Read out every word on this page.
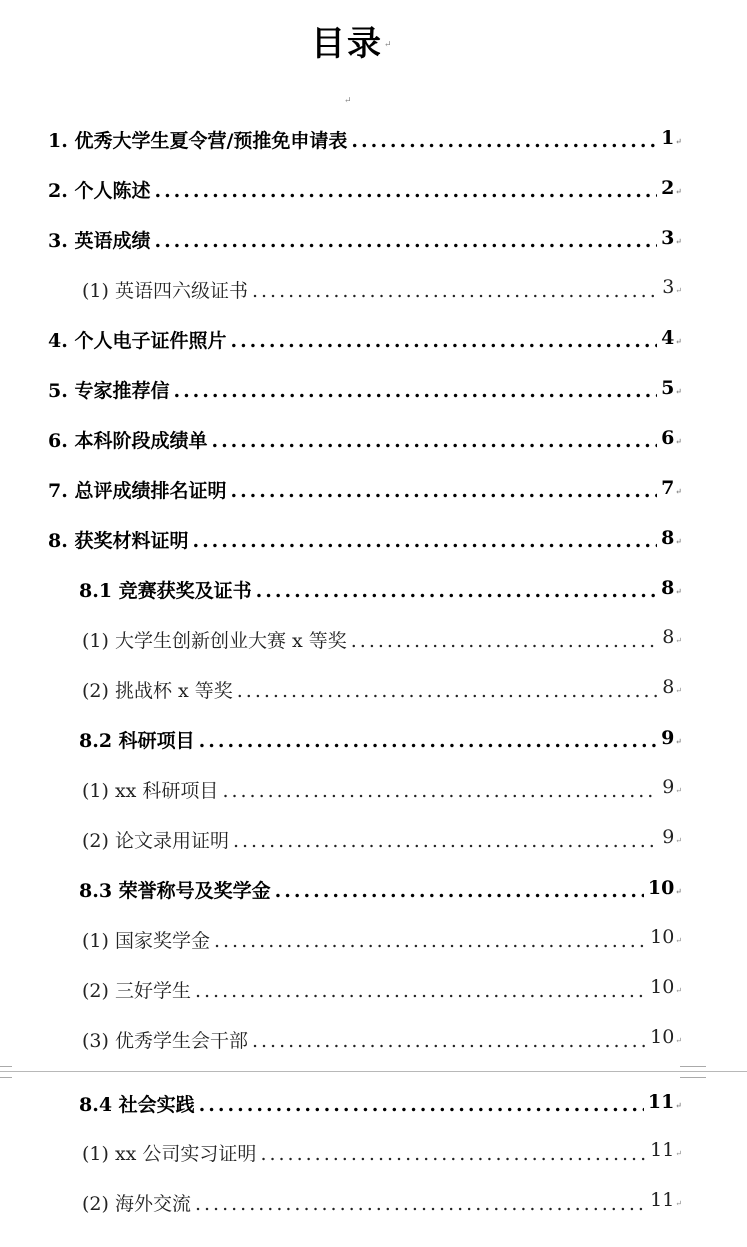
目录 ↵
↵
1. 优秀大学生夏令营/预推免申请表 .....	1 ↵
2. 个人陈述 .....	2 ↵
3. 英语成绩 .....	3 ↵
(1) 英语四六级证书 .....	3 ↵
4. 个人电子证件照片 .....	4 ↵
5. 专家推荐信 .....	5 ↵
6. 本科阶段成绩单 .....	6 ↵
7. 总评成绩排名证明 .....	7 ↵
8. 获奖材料证明 .....	8 ↵
8.1 竞赛获奖及证书 .....	8 ↵
(1) 大学生创新创业大赛 x 等奖 .....	8 ↵
(2) 挑战杯 x 等奖 .....	8 ↵
8.2 科研项目 .....	9 ↵
(1) xx 科研项目 .....	9 ↵
(2) 论文录用证明 .....	9 ↵
8.3 荣誉称号及奖学金 .....	10 ↵
(1) 国家奖学金 .....	10 ↵
(2) 三好学生 .....	10 ↵
(3) 优秀学生会干部 .....	10 ↵
8.4 社会实践 .....	11 ↵
(1) xx 公司实习证明 .....	11 ↵
(2) 海外交流 .....	11 ↵
